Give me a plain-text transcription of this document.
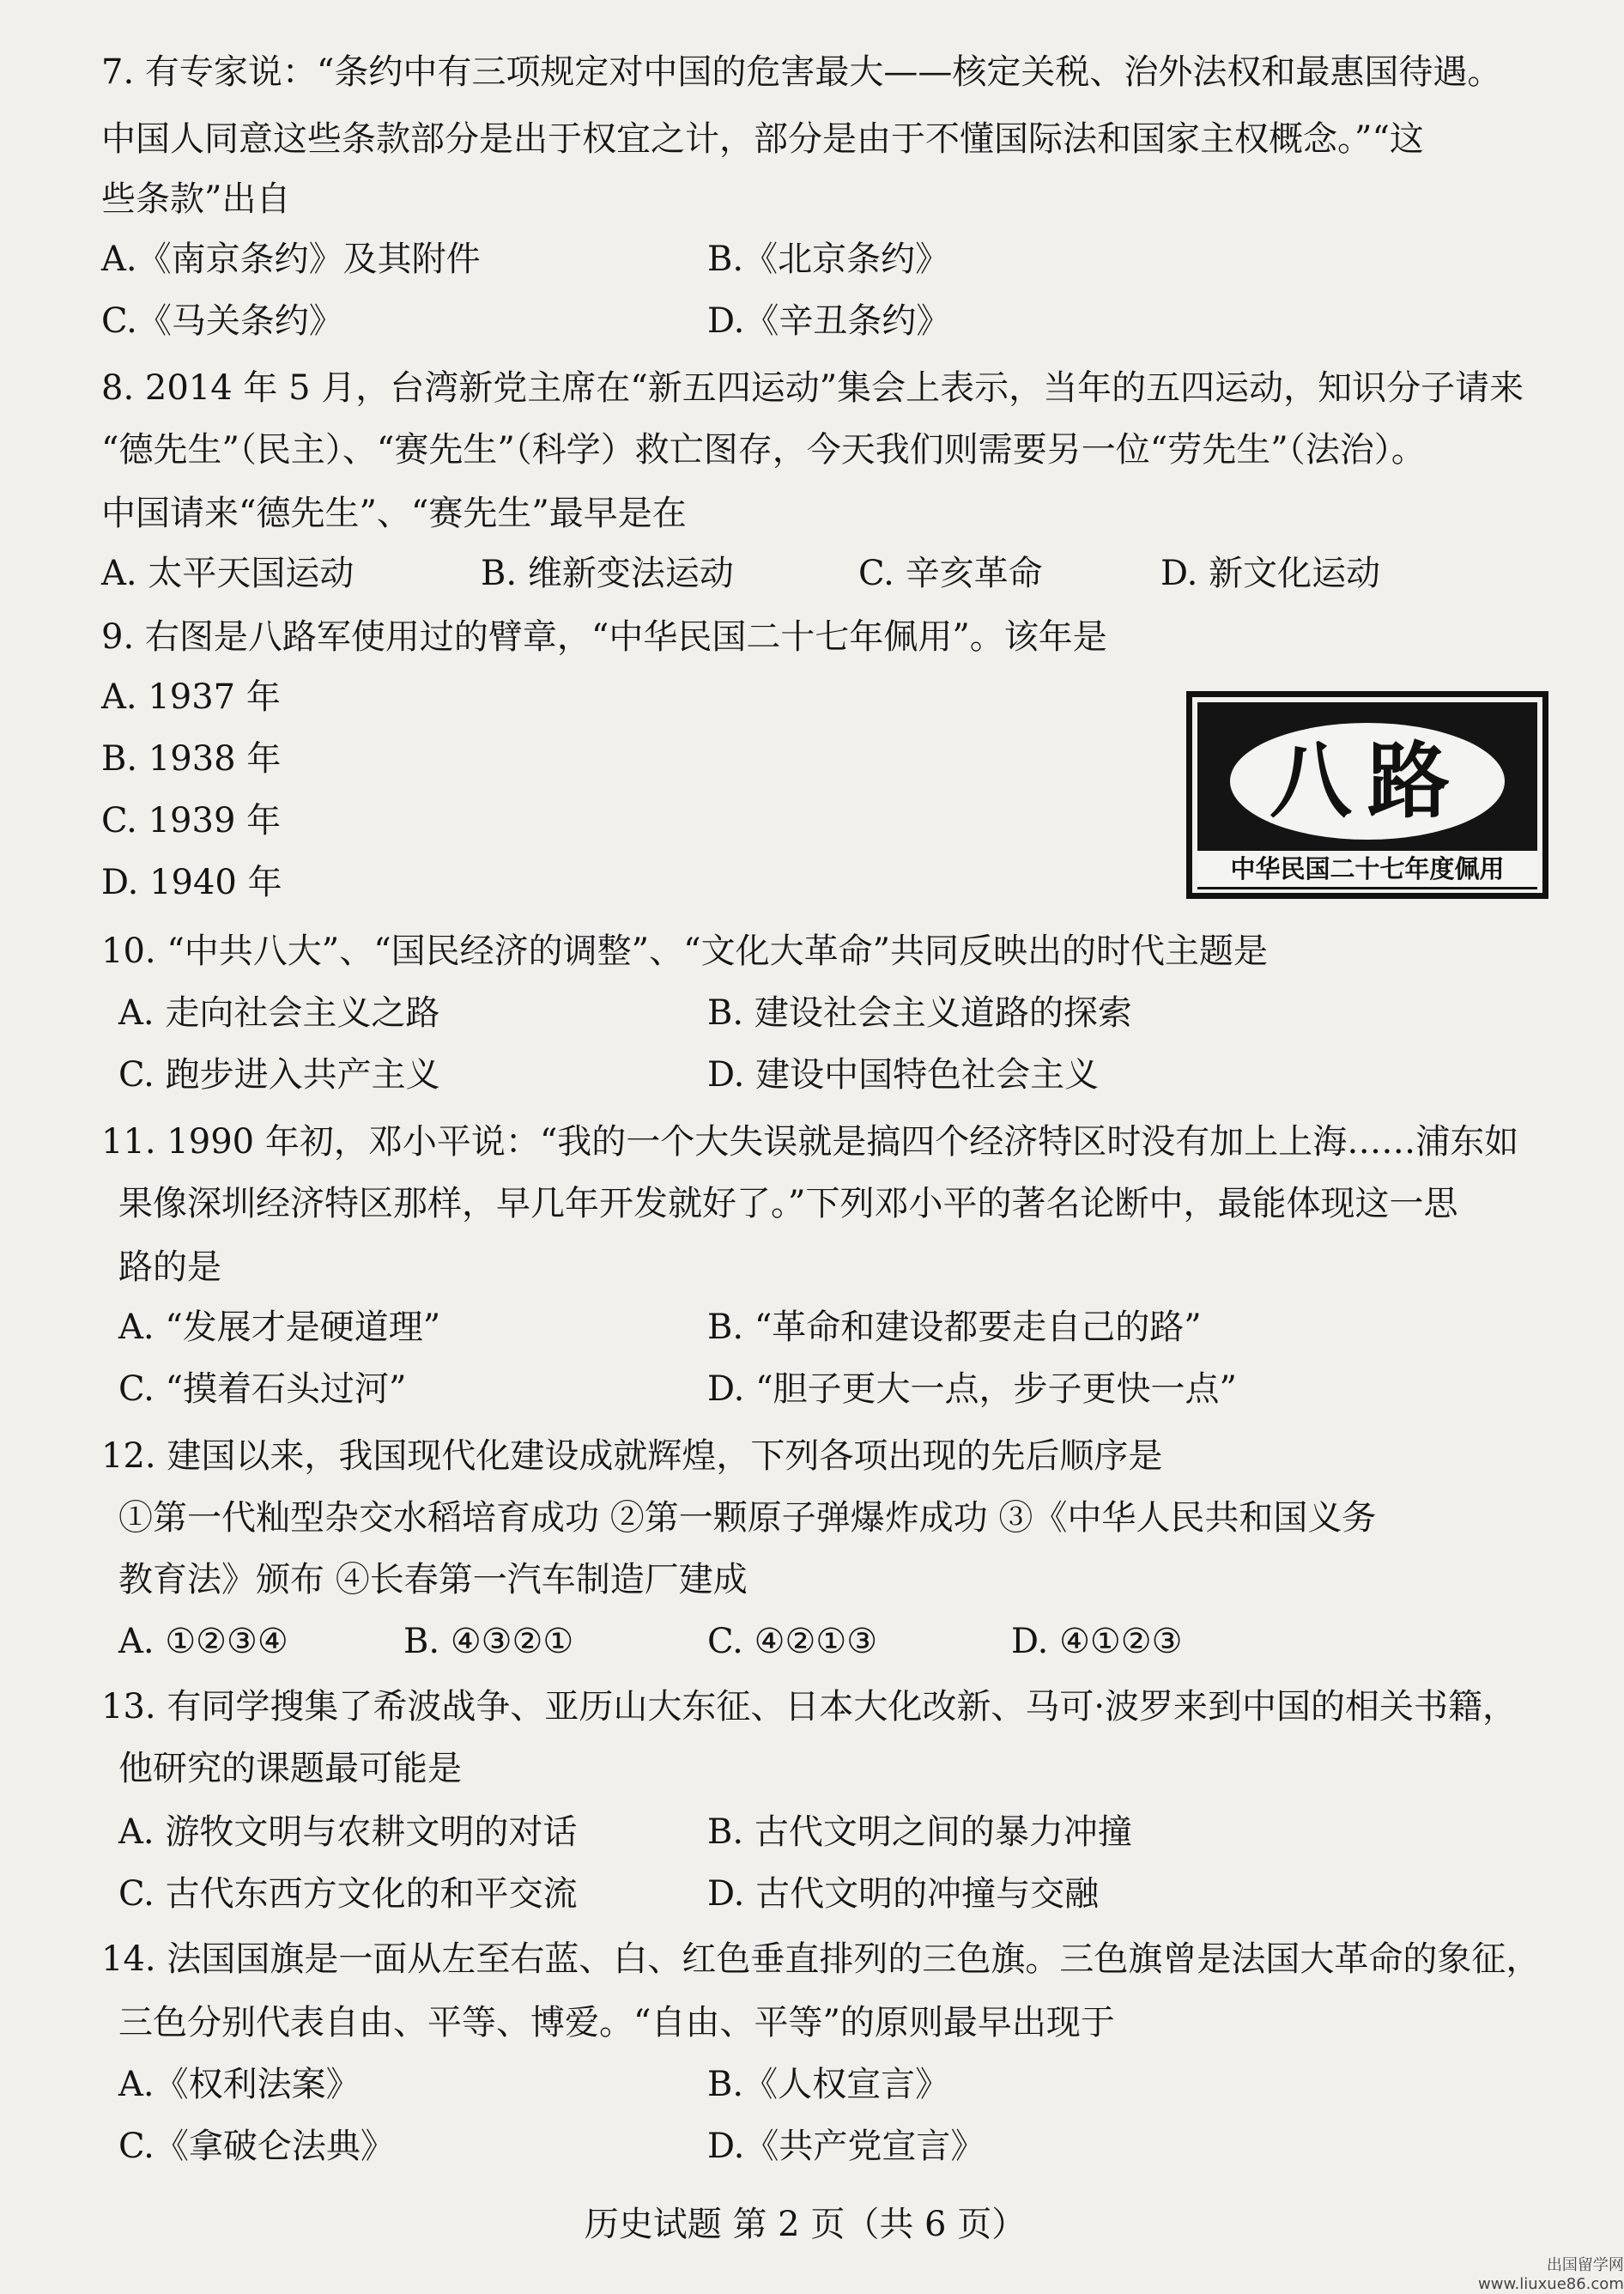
7. 有专家说：“条约中有三项规定对中国的危害最大——核定关税、治外法权和最惠国待遇。
中国人同意这些条款部分是出于权宜之计，部分是由于不懂国际法和国家主权概念。”“这
些条款”出自
A.《南京条约》及其附件	B.《北京条约》
C.《马关条约》	D.《辛丑条约》
8. 2014 年 5 月，台湾新党主席在“新五四运动”集会上表示，当年的五四运动，知识分子请来
“德先生”（民主）、“赛先生”（科学）救亡图存，今天我们则需要另一位“劳先生”（法治）。
中国请来“德先生”、“赛先生”最早是在
A. 太平天国运动	B. 维新变法运动	C. 辛亥革命	D. 新文化运动
9. 右图是八路军使用过的臂章，“中华民国二十七年佩用”。该年是
A. 1937 年
B. 1938 年
C. 1939 年
D. 1940 年
八路
中华民国二十七年度佩用
10. “中共八大”、“国民经济的调整”、“文化大革命”共同反映出的时代主题是
A. 走向社会主义之路	B. 建设社会主义道路的探索
C. 跑步进入共产主义	D. 建设中国特色社会主义
11. 1990 年初，邓小平说：“我的一个大失误就是搞四个经济特区时没有加上上海……浦东如
果像深圳经济特区那样，早几年开发就好了。”下列邓小平的著名论断中，最能体现这一思
路的是
A. “发展才是硬道理”	B. “革命和建设都要走自己的路”
C. “摸着石头过河”	D. “胆子更大一点，步子更快一点”
12. 建国以来，我国现代化建设成就辉煌，下列各项出现的先后顺序是
①第一代籼型杂交水稻培育成功 ②第一颗原子弹爆炸成功 ③《中华人民共和国义务
教育法》颁布 ④长春第一汽车制造厂建成
A. ①②③④	B. ④③②①	C. ④②①③	D. ④①②③
13. 有同学搜集了希波战争、亚历山大东征、日本大化改新、马可·波罗来到中国的相关书籍，
他研究的课题最可能是
A. 游牧文明与农耕文明的对话	B. 古代文明之间的暴力冲撞
C. 古代东西方文化的和平交流	D. 古代文明的冲撞与交融
14. 法国国旗是一面从左至右蓝、白、红色垂直排列的三色旗。三色旗曾是法国大革命的象征，
三色分别代表自由、平等、博爱。“自由、平等”的原则最早出现于
A.《权利法案》	B.《人权宣言》
C.《拿破仑法典》	D.《共产党宣言》
历史试题 第 2 页（共 6 页）
出国留学网
www.liuxue86.com
